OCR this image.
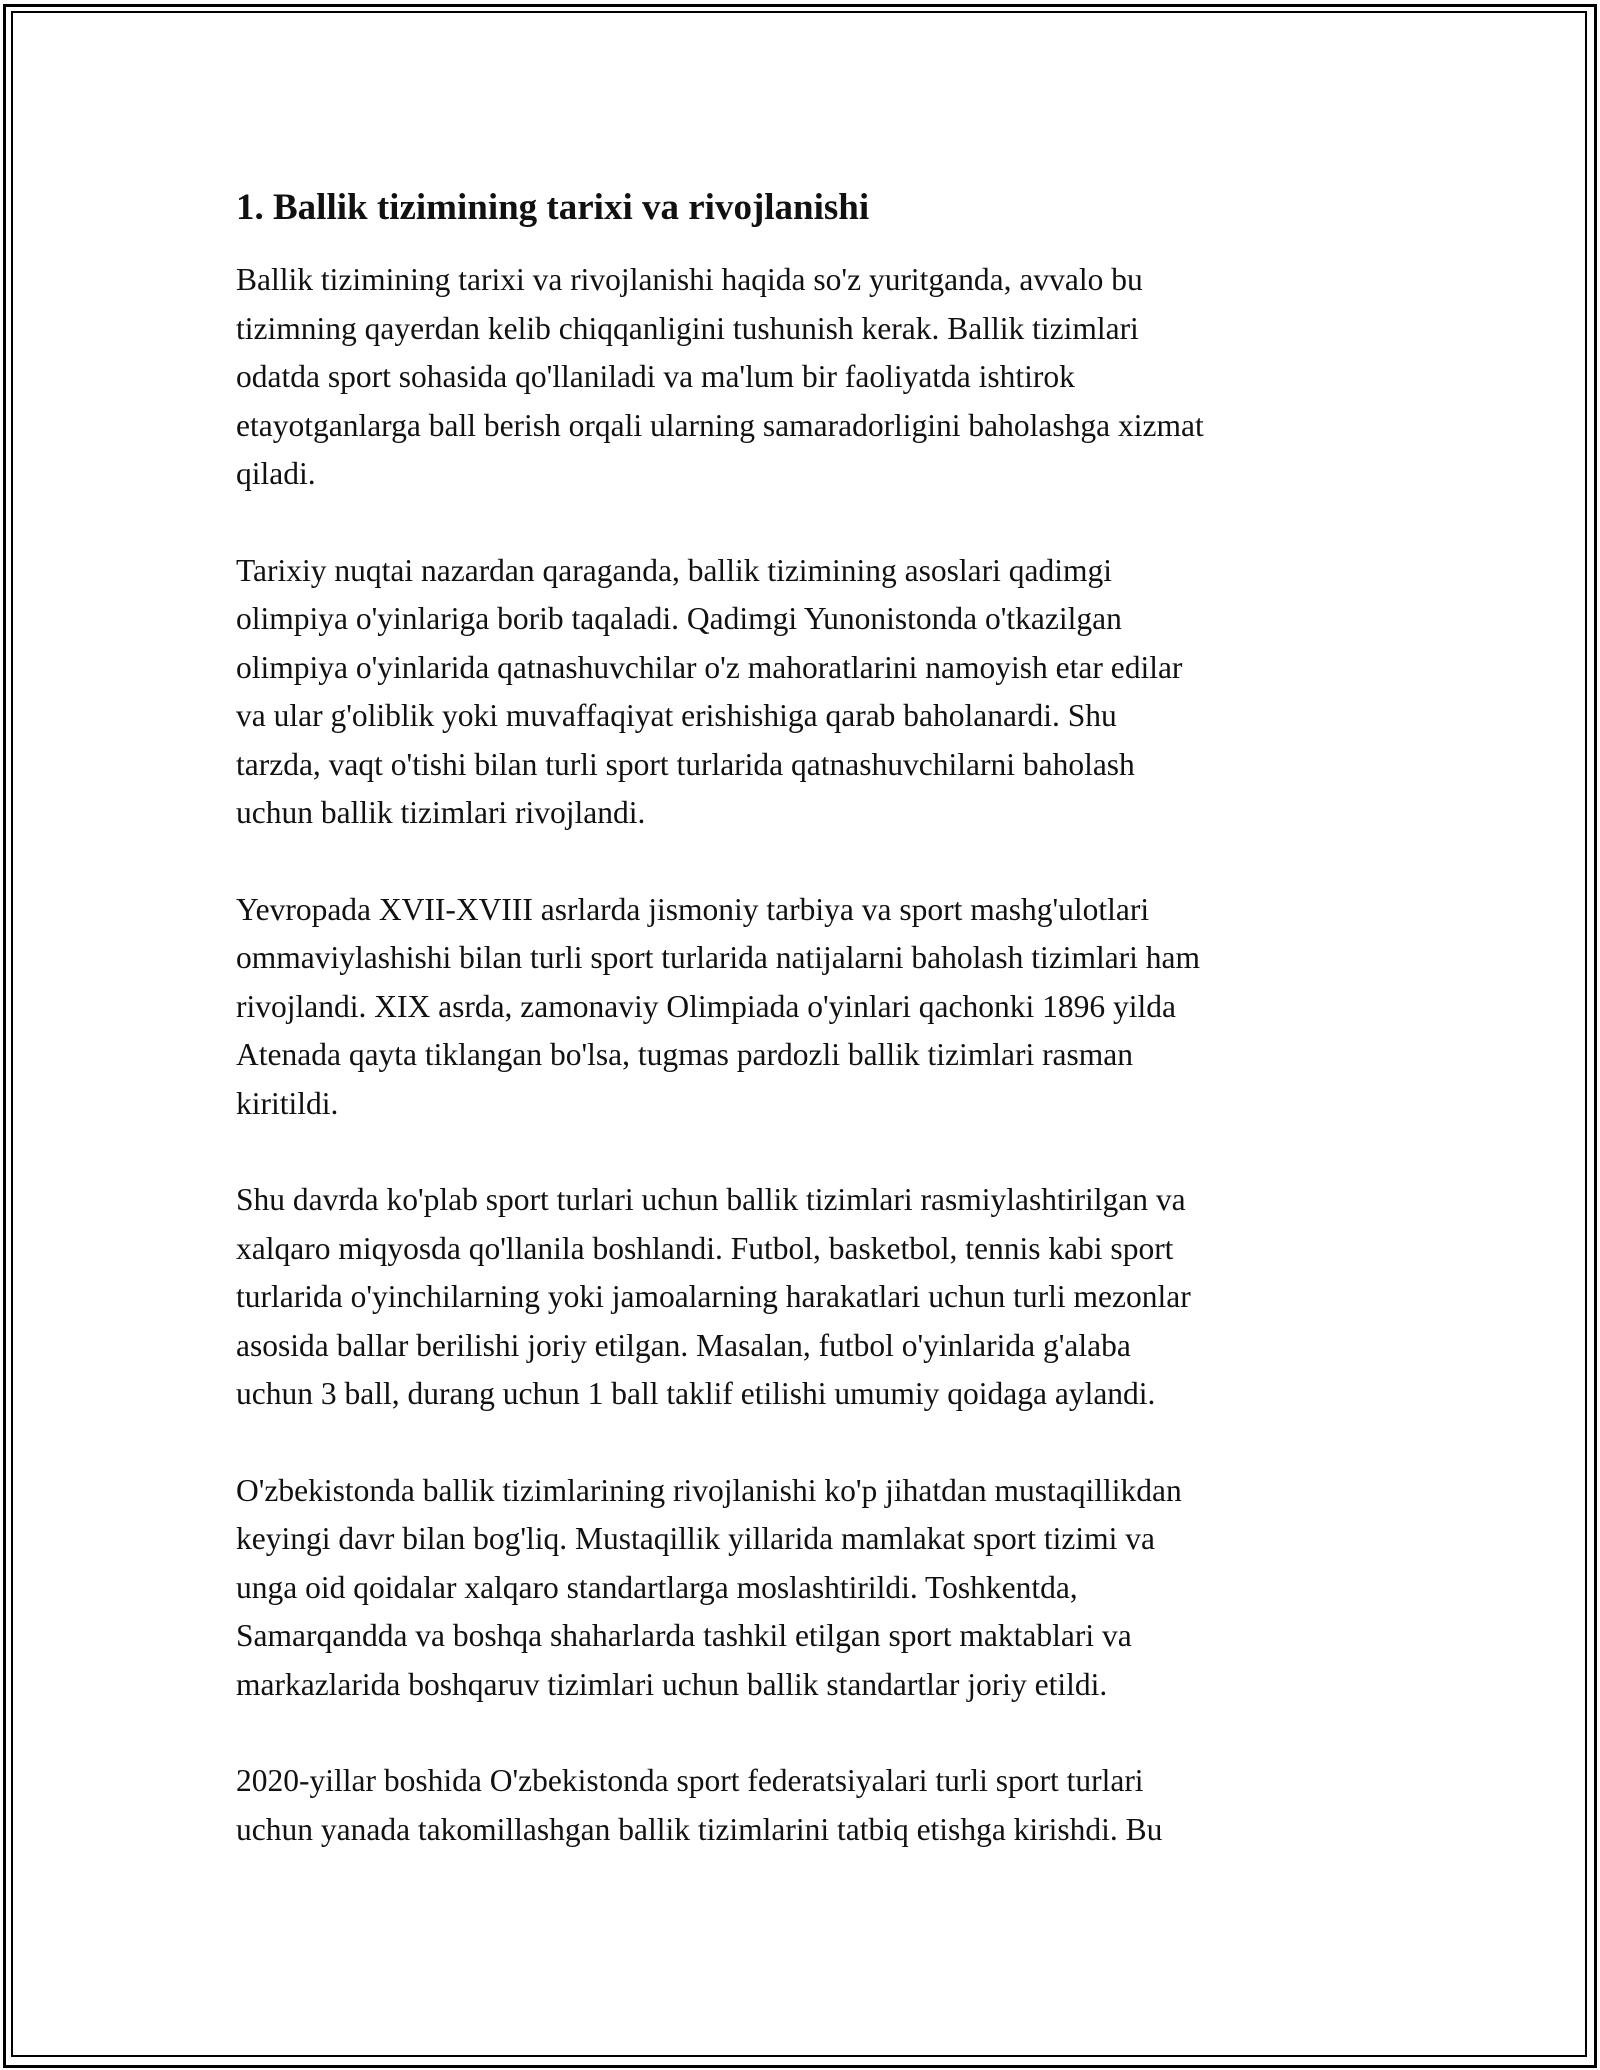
1. Ballik tizimining tarixi va rivojlanishi

Ballik tizimining tarixi va rivojlanishi haqida so'z yuritganda, avvalo bu
tizimning qayerdan kelib chiqqanligini tushunish kerak. Ballik tizimlari
odatda sport sohasida qo'llaniladi va ma'lum bir faoliyatda ishtirok
etayotganlarga ball berish orqali ularning samaradorligini baholashga xizmat
qiladi.

Tarixiy nuqtai nazardan qaraganda, ballik tizimining asoslari qadimgi
olimpiya o'yinlariga borib taqaladi. Qadimgi Yunonistonda o'tkazilgan
olimpiya o'yinlarida qatnashuvchilar o'z mahoratlarini namoyish etar edilar
va ular g'oliblik yoki muvaffaqiyat erishishiga qarab baholanardi. Shu
tarzda, vaqt o'tishi bilan turli sport turlarida qatnashuvchilarni baholash
uchun ballik tizimlari rivojlandi.

Yevropada XVII-XVIII asrlarda jismoniy tarbiya va sport mashg'ulotlari
ommaviylashishi bilan turli sport turlarida natijalarni baholash tizimlari ham
rivojlandi. XIX asrda, zamonaviy Olimpiada o'yinlari qachonki 1896 yilda
Atenada qayta tiklangan bo'lsa, tugmas pardozli ballik tizimlari rasman
kiritildi.

Shu davrda ko'plab sport turlari uchun ballik tizimlari rasmiylashtirilgan va
xalqaro miqyosda qo'llanila boshlandi. Futbol, basketbol, tennis kabi sport
turlarida o'yinchilarning yoki jamoalarning harakatlari uchun turli mezonlar
asosida ballar berilishi joriy etilgan. Masalan, futbol o'yinlarida g'alaba
uchun 3 ball, durang uchun 1 ball taklif etilishi umumiy qoidaga aylandi.

O'zbekistonda ballik tizimlarining rivojlanishi ko'p jihatdan mustaqillikdan
keyingi davr bilan bog'liq. Mustaqillik yillarida mamlakat sport tizimi va
unga oid qoidalar xalqaro standartlarga moslashtirildi. Toshkentda,
Samarqandda va boshqa shaharlarda tashkil etilgan sport maktablari va
markazlarida boshqaruv tizimlari uchun ballik standartlar joriy etildi.

2020-yillar boshida O'zbekistonda sport federatsiyalari turli sport turlari
uchun yanada takomillashgan ballik tizimlarini tatbiq etishga kirishdi. Bu
